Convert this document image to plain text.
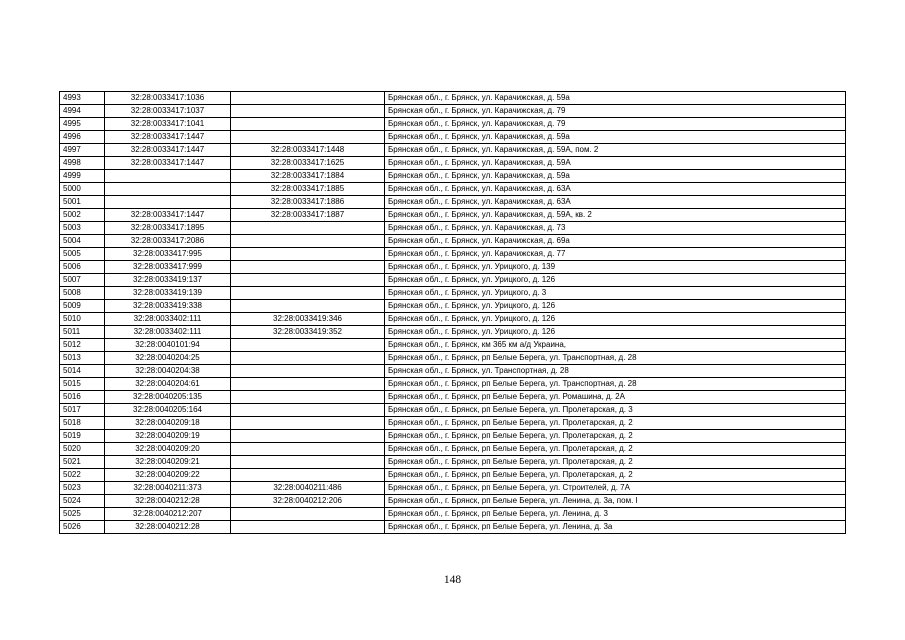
4993	32:28:0033417:1036		Брянская обл., г. Брянск, ул. Карачижская, д. 59а
4994	32:28:0033417:1037		Брянская обл., г. Брянск, ул. Карачижская, д. 79
4995	32:28:0033417:1041		Брянская обл., г. Брянск, ул. Карачижская, д. 79
4996	32:28:0033417:1447		Брянская обл., г. Брянск, ул. Карачижская, д. 59а
4997	32:28:0033417:1447	32:28:0033417:1448	Брянская обл., г. Брянск, ул. Карачижская, д. 59А, пом. 2
4998	32:28:0033417:1447	32:28:0033417:1625	Брянская обл., г. Брянск, ул. Карачижская, д. 59А
4999		32:28:0033417:1884	Брянская обл., г. Брянск, ул. Карачижская, д. 59а
5000		32:28:0033417:1885	Брянская обл., г. Брянск, ул. Карачижская, д. 63А
5001		32:28:0033417:1886	Брянская обл., г. Брянск, ул. Карачижская, д. 63А
5002	32:28:0033417:1447	32:28:0033417:1887	Брянская обл., г. Брянск, ул. Карачижская, д. 59А, кв. 2
5003	32:28:0033417:1895		Брянская обл., г. Брянск, ул. Карачижская, д. 73
5004	32:28:0033417:2086		Брянская обл., г. Брянск, ул. Карачижская, д. 69а
5005	32:28:0033417:995		Брянская обл., г. Брянск, ул. Карачижская, д. 77
5006	32:28:0033417:999		Брянская обл., г. Брянск, ул. Урицкого, д. 139
5007	32:28:0033419:137		Брянская обл., г. Брянск, ул. Урицкого, д. 126
5008	32:28:0033419:139		Брянская обл., г. Брянск, ул. Урицкого, д. 3
5009	32:28:0033419:338		Брянская обл., г. Брянск, ул. Урицкого, д. 126
5010	32:28:0033402:111	32:28:0033419:346	Брянская обл., г. Брянск, ул. Урицкого, д. 126
5011	32:28:0033402:111	32:28:0033419:352	Брянская обл., г. Брянск, ул. Урицкого, д. 126
5012	32:28:0040101:94		Брянская обл., г. Брянск, км 365 км а/д Украина,
5013	32:28:0040204:25		Брянская обл., г. Брянск, рп Белые Берега, ул. Транспортная, д. 28
5014	32:28:0040204:38		Брянская обл., г. Брянск, ул. Транспортная, д. 28
5015	32:28:0040204:61		Брянская обл., г. Брянск, рп Белые Берега, ул. Транспортная, д. 28
5016	32:28:0040205:135		Брянская обл., г. Брянск, рп Белые Берега, ул. Ромашина, д. 2А
5017	32:28:0040205:164		Брянская обл., г. Брянск, рп Белые Берега, ул. Пролетарская, д. 3
5018	32:28:0040209:18		Брянская обл., г. Брянск, рп Белые Берега, ул. Пролетарская, д. 2
5019	32:28:0040209:19		Брянская обл., г. Брянск, рп Белые Берега, ул. Пролетарская, д. 2
5020	32:28:0040209:20		Брянская обл., г. Брянск, рп Белые Берега, ул. Пролетарская, д. 2
5021	32:28:0040209:21		Брянская обл., г. Брянск, рп Белые Берега, ул. Пролетарская, д. 2
5022	32:28:0040209:22		Брянская обл., г. Брянск, рп Белые Берега, ул. Пролетарская, д. 2
5023	32:28:0040211:373	32:28:0040211:486	Брянская обл., г. Брянск, рп Белые Берега, ул. Строителей, д. 7А
5024	32:28:0040212:28	32:28:0040212:206	Брянская обл., г. Брянск, рп Белые Берега, ул. Ленина, д. 3а, пом. I
5025	32:28:0040212:207		Брянская обл., г. Брянск, рп Белые Берега, ул. Ленина, д. 3
5026	32:28:0040212:28		Брянская обл., г. Брянск, рп Белые Берега, ул. Ленина, д. 3а
148
